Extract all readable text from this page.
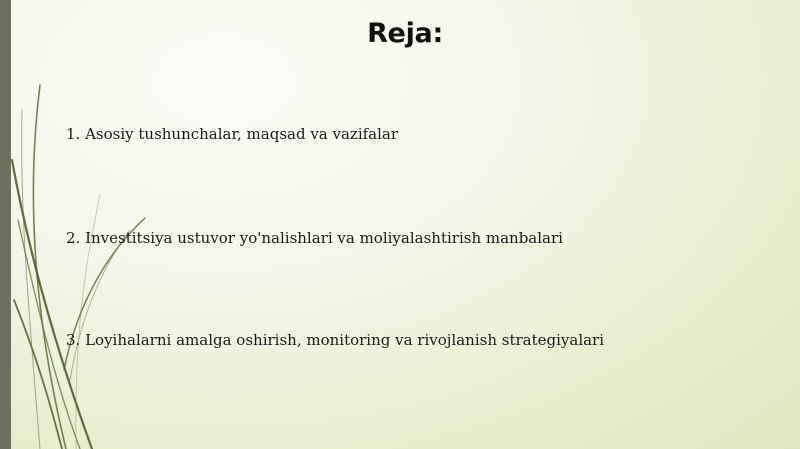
Reja:
1. Asosiy tushunchalar, maqsad va vazifalar
2. Investitsiya ustuvor yo'nalishlari va moliyalashtirish manbalari
3. Loyihalarni amalga oshirish, monitoring va rivojlanish strategiyalari
